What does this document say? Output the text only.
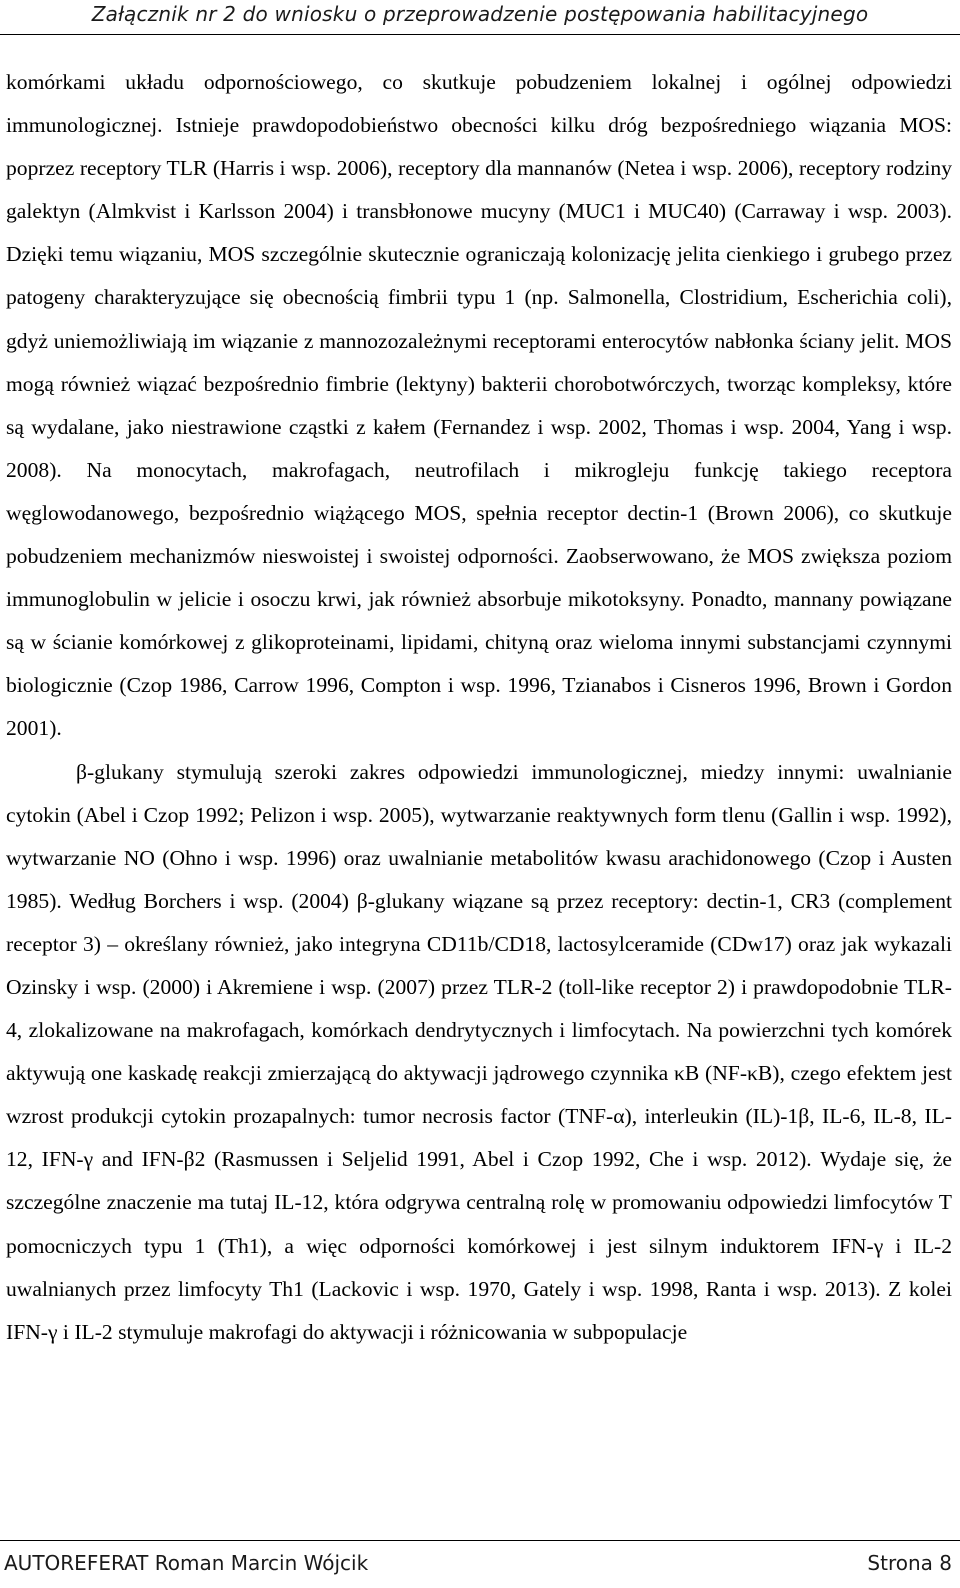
Załącznik nr 2 do wniosku o przeprowadzenie postępowania habilitacyjnego

komórkami układu odpornościowego, co skutkuje pobudzeniem lokalnej i ogólnej odpowiedzi immunologicznej. Istnieje prawdopodobieństwo obecności kilku dróg bezpośredniego wiązania MOS: poprzez receptory TLR (Harris i wsp. 2006), receptory dla mannanów (Netea i wsp. 2006), receptory rodziny galektyn (Almkvist i Karlsson 2004) i transbłonowe mucyny (MUC1 i MUC40) (Carraway i wsp. 2003). Dzięki temu wiązaniu, MOS szczególnie skutecznie ograniczają kolonizację jelita cienkiego i grubego przez patogeny charakteryzujące się obecnością fimbrii typu 1 (np. Salmonella, Clostridium, Escherichia coli), gdyż uniemożliwiają im wiązanie z mannozozależnymi receptorami enterocytów nabłonka ściany jelit. MOS mogą również wiązać bezpośrednio fimbrie (lektyny) bakterii chorobotwórczych, tworząc kompleksy, które są wydalane, jako niestrawione cząstki z kałem (Fernandez i wsp. 2002, Thomas i wsp. 2004, Yang i wsp. 2008). Na monocytach, makrofagach, neutrofilach i mikrogleju funkcję takiego receptora węglowodanowego, bezpośrednio wiążącego MOS, spełnia receptor dectin-1 (Brown 2006), co skutkuje pobudzeniem mechanizmów nieswoistej i swoistej odporności. Zaobserwowano, że MOS zwiększa poziom immunoglobulin w jelicie i osoczu krwi, jak również absorbuje mikotoksyny. Ponadto, mannany powiązane są w ścianie komórkowej z glikoproteinami, lipidami, chityną oraz wieloma innymi substancjami czynnymi biologicznie (Czop 1986, Carrow 1996, Compton i wsp. 1996, Tzianabos i Cisneros 1996, Brown i Gordon 2001).

β-glukany stymulują szeroki zakres odpowiedzi immunologicznej, miedzy innymi: uwalnianie cytokin (Abel i Czop 1992; Pelizon i wsp. 2005), wytwarzanie reaktywnych form tlenu (Gallin i wsp. 1992), wytwarzanie NO (Ohno i wsp. 1996) oraz uwalnianie metabolitów kwasu arachidonowego (Czop i Austen 1985). Według Borchers i wsp. (2004) β-glukany wiązane są przez receptory: dectin-1, CR3 (complement receptor 3) – określany również, jako integryna CD11b/CD18, lactosylceramide (CDw17) oraz jak wykazali Ozinsky i wsp. (2000) i Akremiene i wsp. (2007) przez TLR-2 (toll-like receptor 2) i prawdopodobnie TLR-4, zlokalizowane na makrofagach, komórkach dendrytycznych i limfocytach. Na powierzchni tych komórek aktywują one kaskadę reakcji zmierzającą do aktywacji jądrowego czynnika κB (NF-κB), czego efektem jest wzrost produkcji cytokin prozapalnych: tumor necrosis factor (TNF-α), interleukin (IL)-1β, IL-6, IL-8, IL-12, IFN-γ and IFN-β2 (Rasmussen i Seljelid 1991, Abel i Czop 1992, Che i wsp. 2012). Wydaje się, że szczególne znaczenie ma tutaj IL-12, która odgrywa centralną rolę w promowaniu odpowiedzi limfocytów T pomocniczych typu 1 (Th1), a więc odporności komórkowej i jest silnym induktorem IFN-γ i IL-2 uwalnianych przez limfocyty Th1 (Lackovic i wsp. 1970, Gately i wsp. 1998, Ranta i wsp. 2013). Z kolei IFN-γ i IL-2 stymuluje makrofagi do aktywacji i różnicowania w subpopulacje

AUTOREFERAT Roman Marcin Wójcik	Strona 8
